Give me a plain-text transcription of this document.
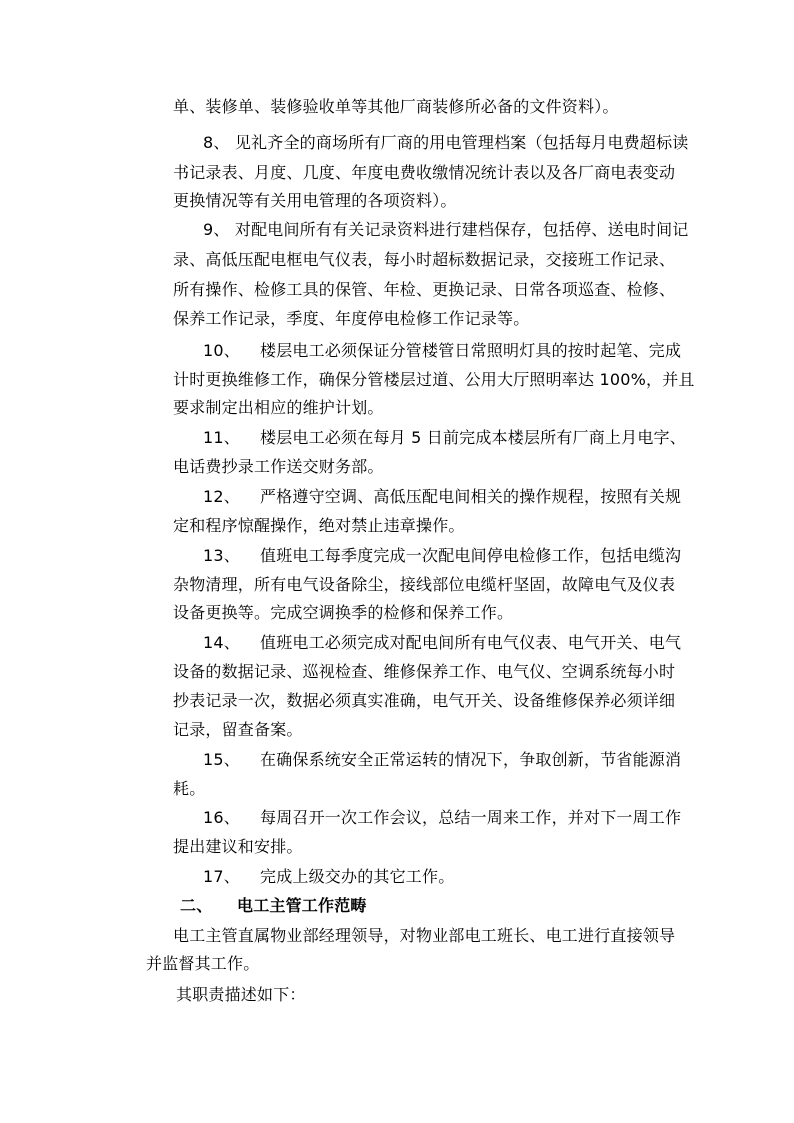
单、装修单、装修验收单等其他厂商装修所必备的文件资料）。
8、 见礼齐全的商场所有厂商的用电管理档案（包括每月电费超标读
书记录表、月度、几度、年度电费收缴情况统计表以及各厂商电表变动
更换情况等有关用电管理的各项资料）。
9、 对配电间所有有关记录资料进行建档保存，包括停、送电时间记
录、高低压配电框电气仪表，每小时超标数据记录，交接班工作记录、
所有操作、检修工具的保管、年检、更换记录、日常各项巡查、检修、
保养工作记录，季度、年度停电检修工作记录等。
10、 楼层电工必须保证分管楼管日常照明灯具的按时起笔、完成
计时更换维修工作，确保分管楼层过道、公用大厅照明率达 100%，并且
要求制定出相应的维护计划。
11、 楼层电工必须在每月 5 日前完成本楼层所有厂商上月电字、
电话费抄录工作送交财务部。
12、 严格遵守空调、高低压配电间相关的操作规程，按照有关规
定和程序惊醒操作，绝对禁止违章操作。
13、 值班电工每季度完成一次配电间停电检修工作，包括电缆沟
杂物清理，所有电气设备除尘，接线部位电缆杆坚固，故障电气及仪表
设备更换等。完成空调换季的检修和保养工作。
14、 值班电工必须完成对配电间所有电气仪表、电气开关、电气
设备的数据记录、巡视检查、维修保养工作、电气仪、空调系统每小时
抄表记录一次，数据必须真实准确，电气开关、设备维修保养必须详细
记录，留查备案。
15、 在确保系统安全正常运转的情况下，争取创新，节省能源消
耗。
16、 每周召开一次工作会议，总结一周来工作，并对下一周工作
提出建议和安排。
17、 完成上级交办的其它工作。
二、 电工主管工作范畴
电工主管直属物业部经理领导，对物业部电工班长、电工进行直接领导
并监督其工作。
其职责描述如下：
